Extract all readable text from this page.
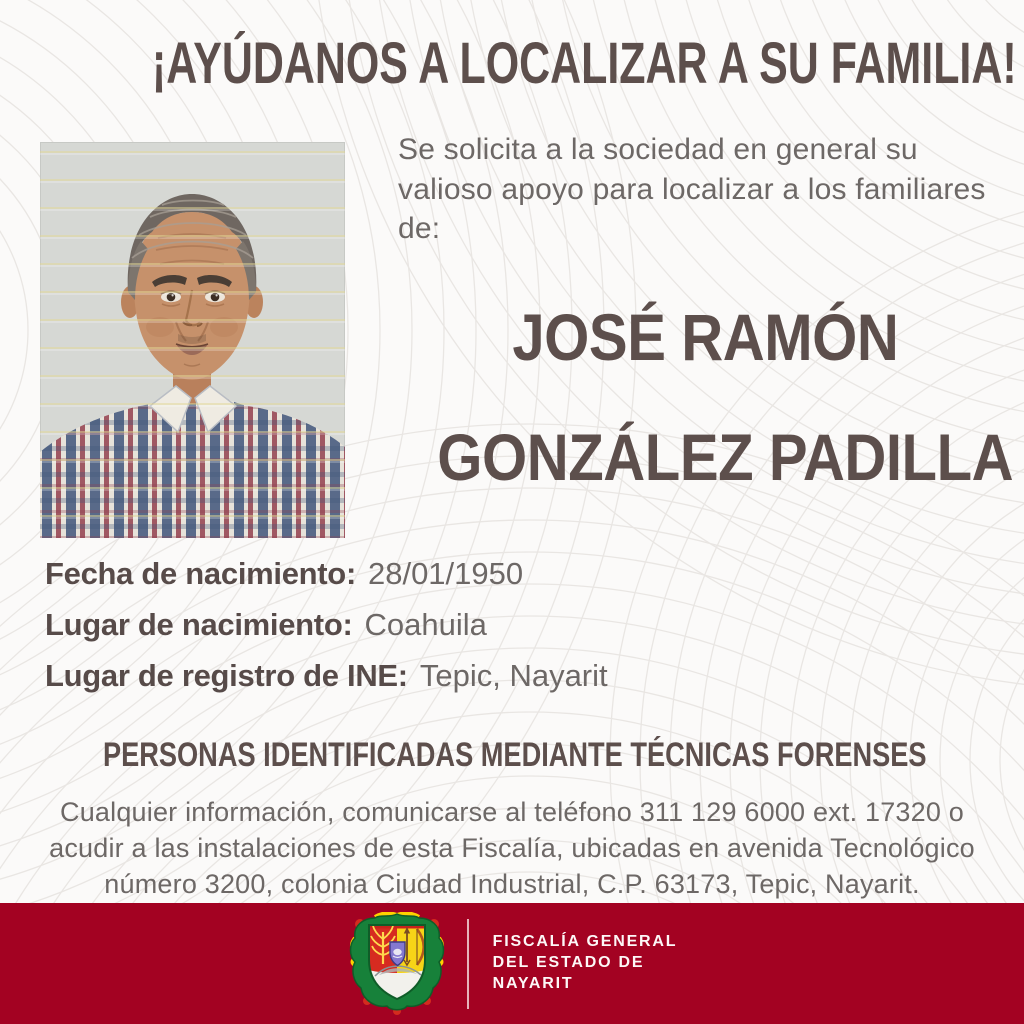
¡AYÚDANOS A LOCALIZAR A SU FAMILIA!

Se solicita a la sociedad en general su valioso apoyo para localizar a los familiares de:

JOSÉ RAMÓN
GONZÁLEZ PADILLA
Fecha de nacimiento: 28/01/1950
Lugar de nacimiento: Coahuila
Lugar de registro de INE: Tepic, Nayarit
PERSONAS IDENTIFICADAS MEDIANTE TÉCNICAS FORENSES

Cualquier información, comunicarse al teléfono 311 129 6000 ext. 17320 o acudir a las instalaciones de esta Fiscalía, ubicadas en avenida Tecnológico número 3200, colonia Ciudad Industrial, C.P. 63173, Tepic, Nayarit.

FISCALÍA GENERAL
DEL ESTADO DE
NAYARIT
